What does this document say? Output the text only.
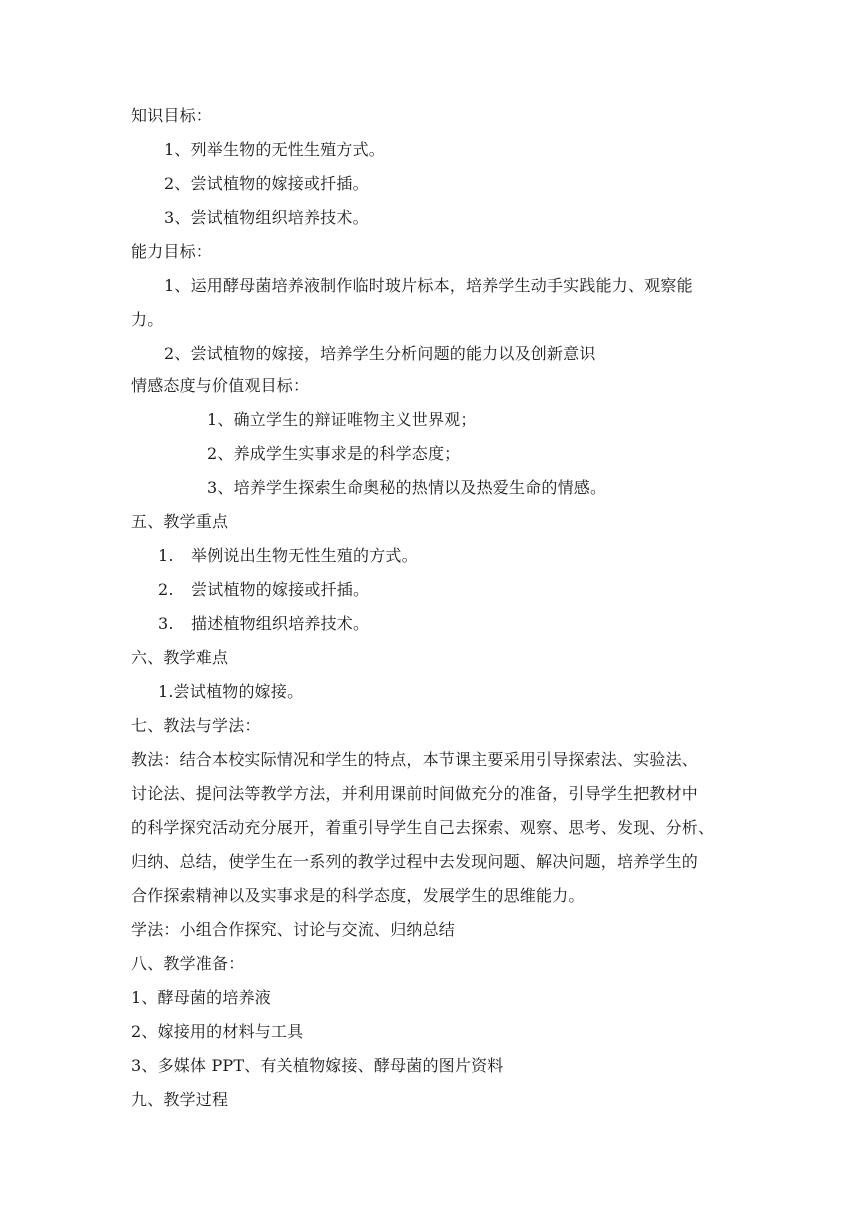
知识目标：
1、列举生物的无性生殖方式。
2、尝试植物的嫁接或扦插。
3、尝试植物组织培养技术。
能力目标：
1、运用酵母菌培养液制作临时玻片标本，培养学生动手实践能力、观察能
力。
2、尝试植物的嫁接，培养学生分析问题的能力以及创新意识
情感态度与价值观目标：
1、确立学生的辩证唯物主义世界观；
2、养成学生实事求是的科学态度；
3、培养学生探索生命奥秘的热情以及热爱生命的情感。
五、教学重点
1. 举例说出生物无性生殖的方式。
2. 尝试植物的嫁接或扦插。
3. 描述植物组织培养技术。
六、教学难点
1.尝试植物的嫁接。
七、教法与学法：
教法：结合本校实际情况和学生的特点，本节课主要采用引导探索法、实验法、
讨论法、提问法等教学方法，并利用课前时间做充分的准备，引导学生把教材中
的科学探究活动充分展开，着重引导学生自己去探索、观察、思考、发现、分析、
归纳、总结，使学生在一系列的教学过程中去发现问题、解决问题，培养学生的
合作探索精神以及实事求是的科学态度，发展学生的思维能力。
学法：小组合作探究、讨论与交流、归纳总结
八、教学准备：
1、酵母菌的培养液
2、嫁接用的材料与工具
3、多媒体 PPT、有关植物嫁接、酵母菌的图片资料
九、教学过程
